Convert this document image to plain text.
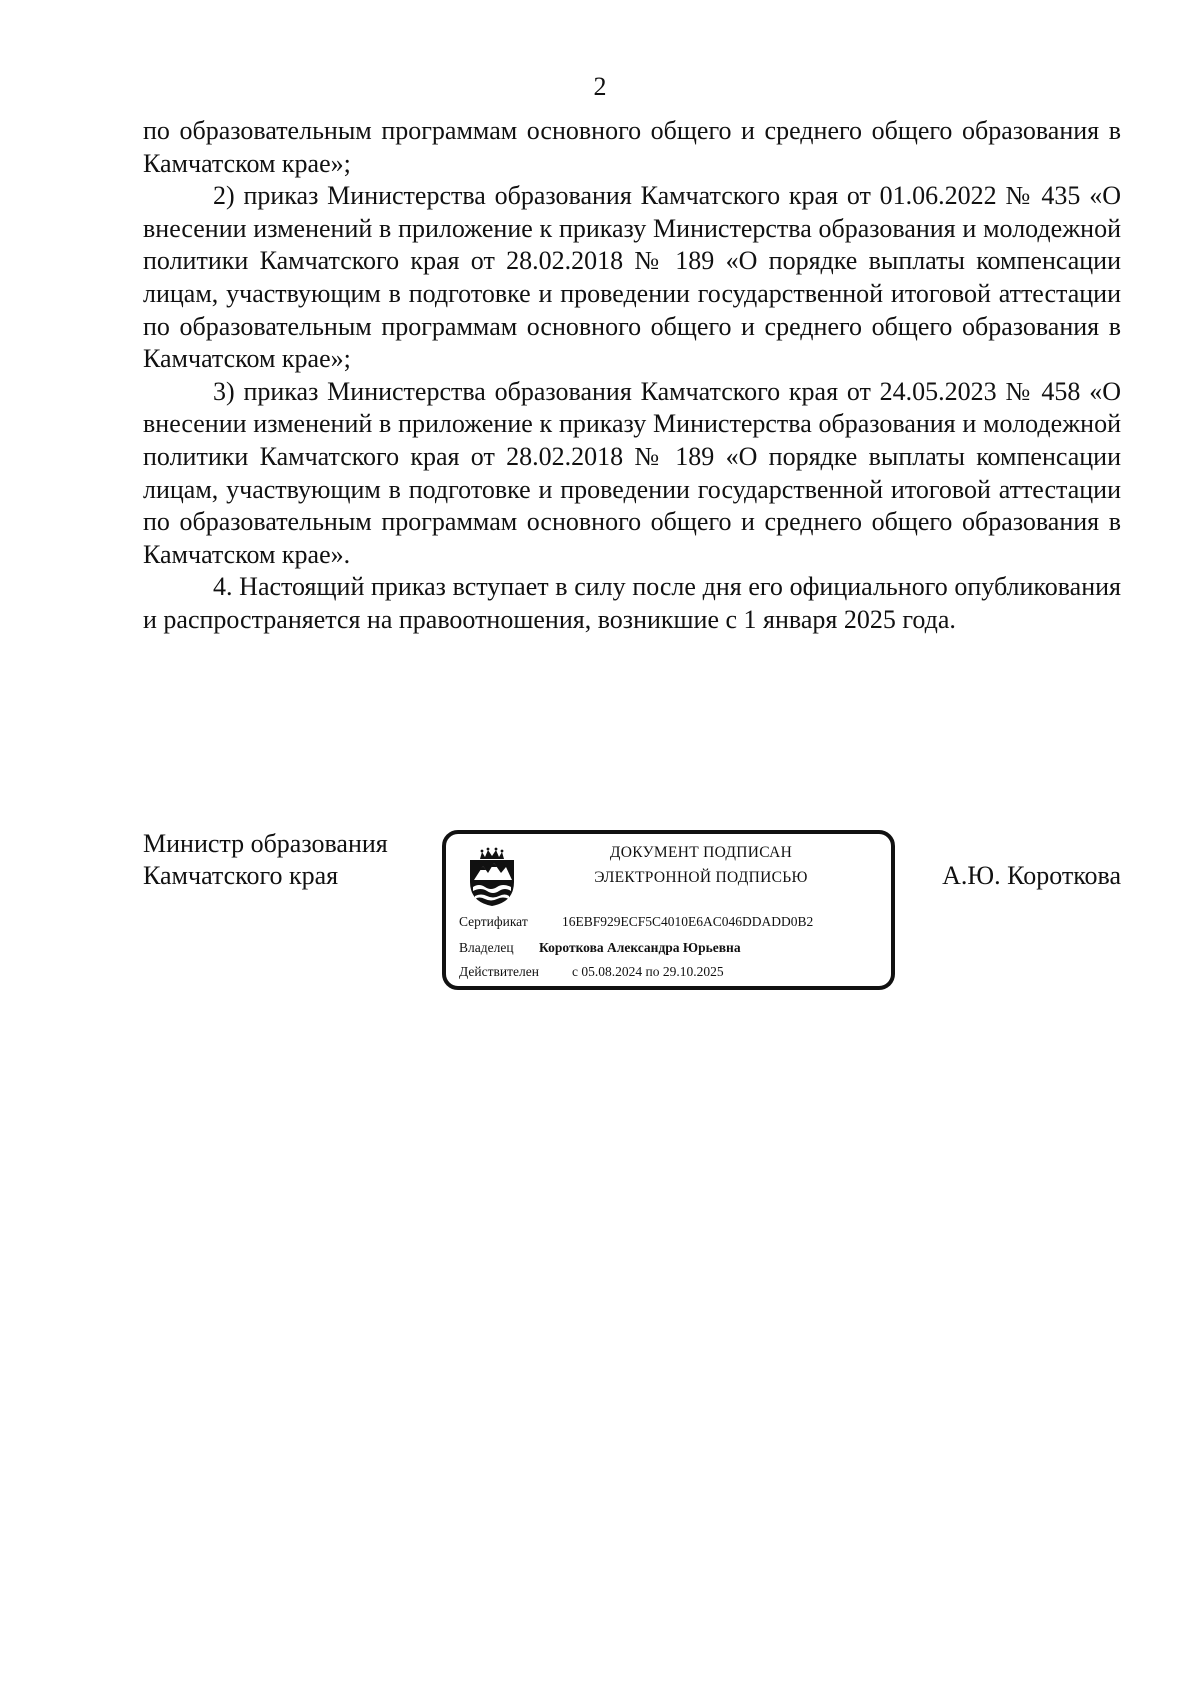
2

по образовательным программам основного общего и среднего общего образования в Камчатском крае»;

2) приказ Министерства образования Камчатского края от 01.06.2022 № 435 «О внесении изменений в приложение к приказу Министерства образования и молодежной политики Камчатского края от 28.02.2018 № 189 «О порядке выплаты компенсации лицам, участвующим в подготовке и проведении государственной итоговой аттестации по образовательным программам основного общего и среднего общего образования в Камчатском крае»;

3) приказ Министерства образования Камчатского края от 24.05.2023 № 458 «О внесении изменений в приложение к приказу Министерства образования и молодежной политики Камчатского края от 28.02.2018 № 189 «О порядке выплаты компенсации лицам, участвующим в подготовке и проведении государственной итоговой аттестации по образовательным программам основного общего и среднего общего образования в Камчатском крае».

4. Настоящий приказ вступает в силу после дня его официального опубликования и распространяется на правоотношения, возникшие с 1 января 2025 года.

Министр образования
Камчатского края
ДОКУМЕНТ ПОДПИСАН
ЭЛЕКТРОННОЙ ПОДПИСЬЮ
Сертификат	16EBF929ECF5C4010E6AC046DDADD0B2
Владелец Короткова Александра Юрьевна
Действителен с 05.08.2024 по 29.10.2025
А.Ю. Короткова
